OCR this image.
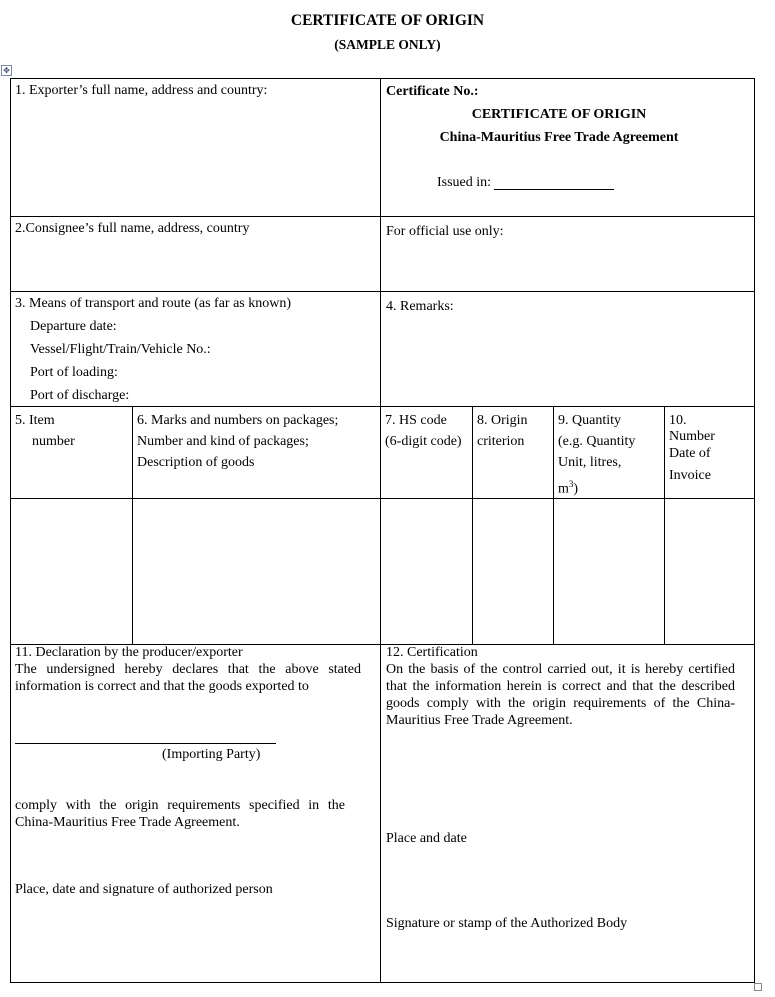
CERTIFICATE OF ORIGIN
(SAMPLE ONLY)
✥
1. Exporter’s full name, address and country:	Certificate No.:
CERTIFICATE OF ORIGIN
China-Mauritius Free Trade Agreement
Issued in:
2.Consignee’s full name, address, country	For official use only:
3. Means of transport and route (as far as known)
Departure date:
Vessel/Flight/Train/Vehicle No.:
Port of loading:
Port of discharge:
4. Remarks:
5. Item
number
6. Marks and numbers on packages;
Number and kind of packages;
Description of goods
7. HS code
(6-digit code)
8. Origin
criterion
9. Quantity
(e.g. Quantity
Unit, litres,
$m^3$)
10.
Number
Date of
Invoice
11. Declaration by the producer/exporter
The undersigned hereby declares that the above stated information is correct and that the goods exported to
(Importing Party)
comply with the origin requirements specified in the China-Mauritius Free Trade Agreement.
Place, date and signature of authorized person
12. Certification
On the basis of the control carried out, it is hereby certified that the information herein is correct and that the described goods comply with the origin requirements of the China-Mauritius Free Trade Agreement.
Place and date
Signature or stamp of the Authorized Body
